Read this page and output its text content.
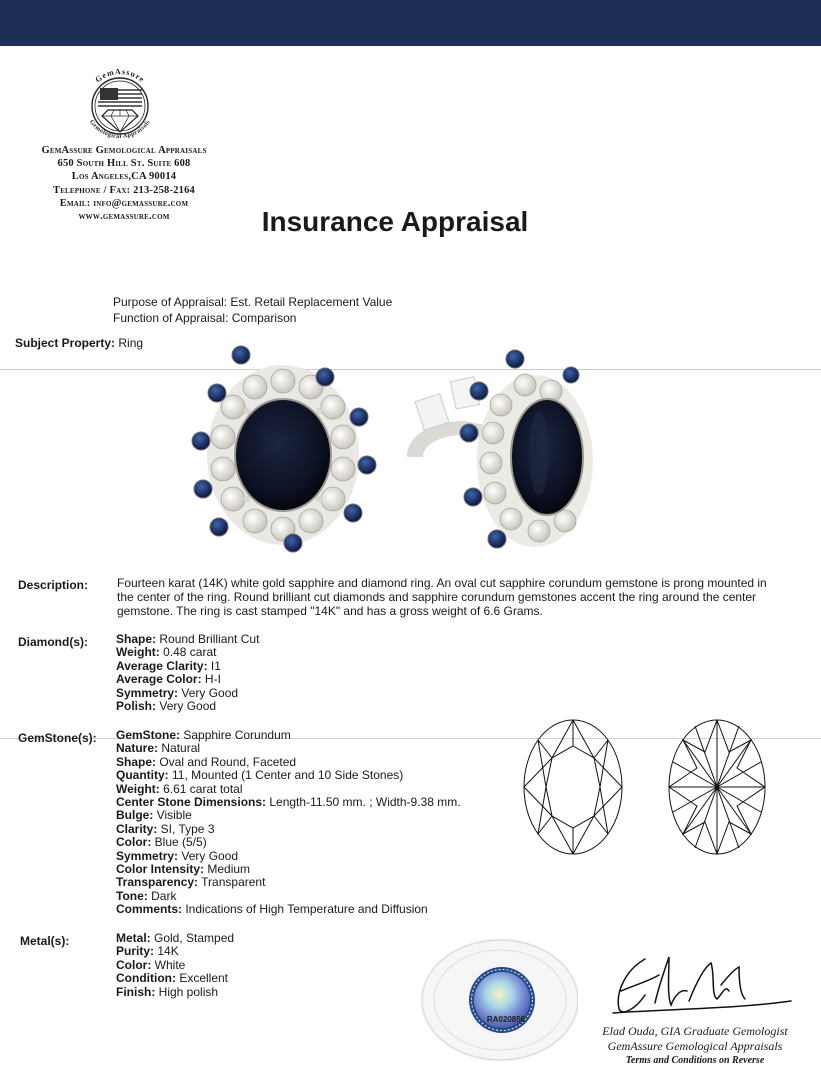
GemAssure
Gemological Appraisals
GemAssure Gemological Appraisals
650 South Hill St. Suite 608
Los Angeles,CA 90014
Telephone / Fax: 213-258-2164
Email: info@gemassure.com
www.gemassure.com	Insurance Appraisal
Purpose of Appraisal: Est. Retail Replacement Value
Function of Appraisal: Comparison
Subject Property: Ring
Description: Fourteen karat (14K) white gold sapphire and diamond ring. An oval cut sapphire corundum gemstone is prong mounted in the center of the ring. Round brilliant cut diamonds and sapphire corundum gemstones accent the ring around the center gemstone. The ring is cast stamped "14K" and has a gross weight of 6.6 Grams.
Diamond(s): Shape: Round Brilliant Cut
Weight: 0.48 carat
Average Clarity: I1
Average Color: H-I
Symmetry: Very Good
Polish: Very Good
GemStone(s): GemStone: Sapphire Corundum
Nature: Natural
Shape: Oval and Round, Faceted
Quantity: 11, Mounted (1 Center and 10 Side Stones)
Weight: 6.61 carat total
Center Stone Dimensions: Length-11.50 mm. ; Width-9.38 mm.
Bulge: Visible
Clarity: SI, Type 3
Color: Blue (5/5)
Symmetry: Very Good
Color Intensity: Medium
Transparency: Transparent
Tone: Dark
Comments: Indications of High Temperature and Diffusion
Metal(s):	Metal: Gold, Stamped
Purity: 14K
Color: White
Condition: Excellent
Finish: High polish
RA020856
Elad Ouda, GIA Graduate Gemologist
GemAssure Gemological Appraisals
Terms and Conditions on Reverse
